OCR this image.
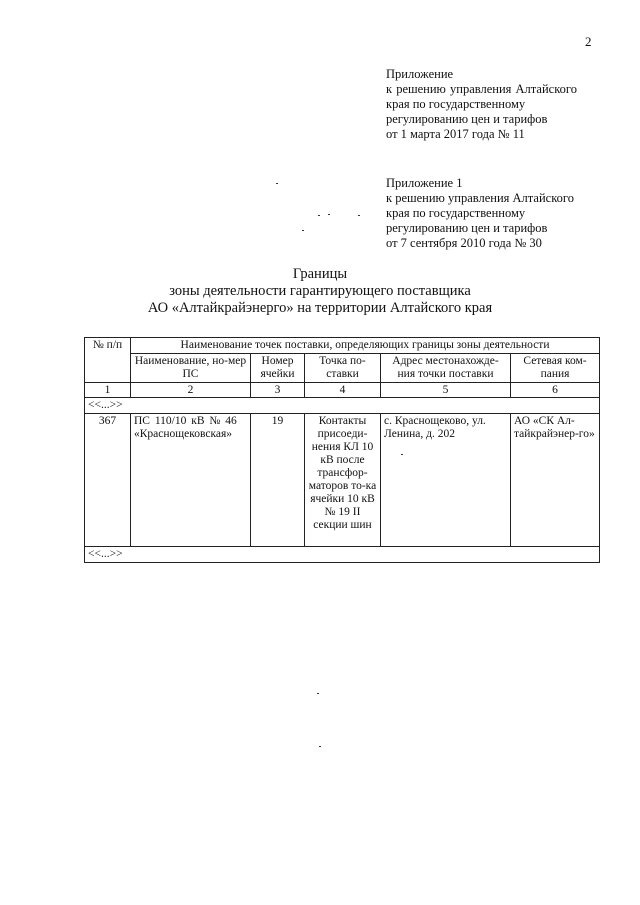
2
Приложение
к решению управления Алтайского
края по государственному
регулированию цен и тарифов
от 1 марта 2017 года № 11
Приложение 1
к решению управления Алтайского
края по государственному
регулированию цен и тарифов
от 7 сентября 2010 года № 30
Границы
зоны деятельности гарантирующего поставщика
АО «Алтайкрайэнерго» на территории Алтайского края
№ п/п	Наименование точек поставки, определяющих границы зоны деятельности				
	Наименование, но-мер ПС	Номер ячейки	Точка по-ставки	Адрес местонахожде-ния точки поставки	Сетевая ком-пания
1	2	3	4	5	6
<<...>>					
367	ПС 110/10 кВ № 46 «Краснощековская»	19	Контакты присоеди-нения КЛ 10 кВ после трансфор-маторов то-ка ячейки 10 кВ № 19 II секции шин	с. Краснощеково, ул. Ленина, д. 202	АО «СК Ал-тайкрайэнер-го»
<<...>>					
